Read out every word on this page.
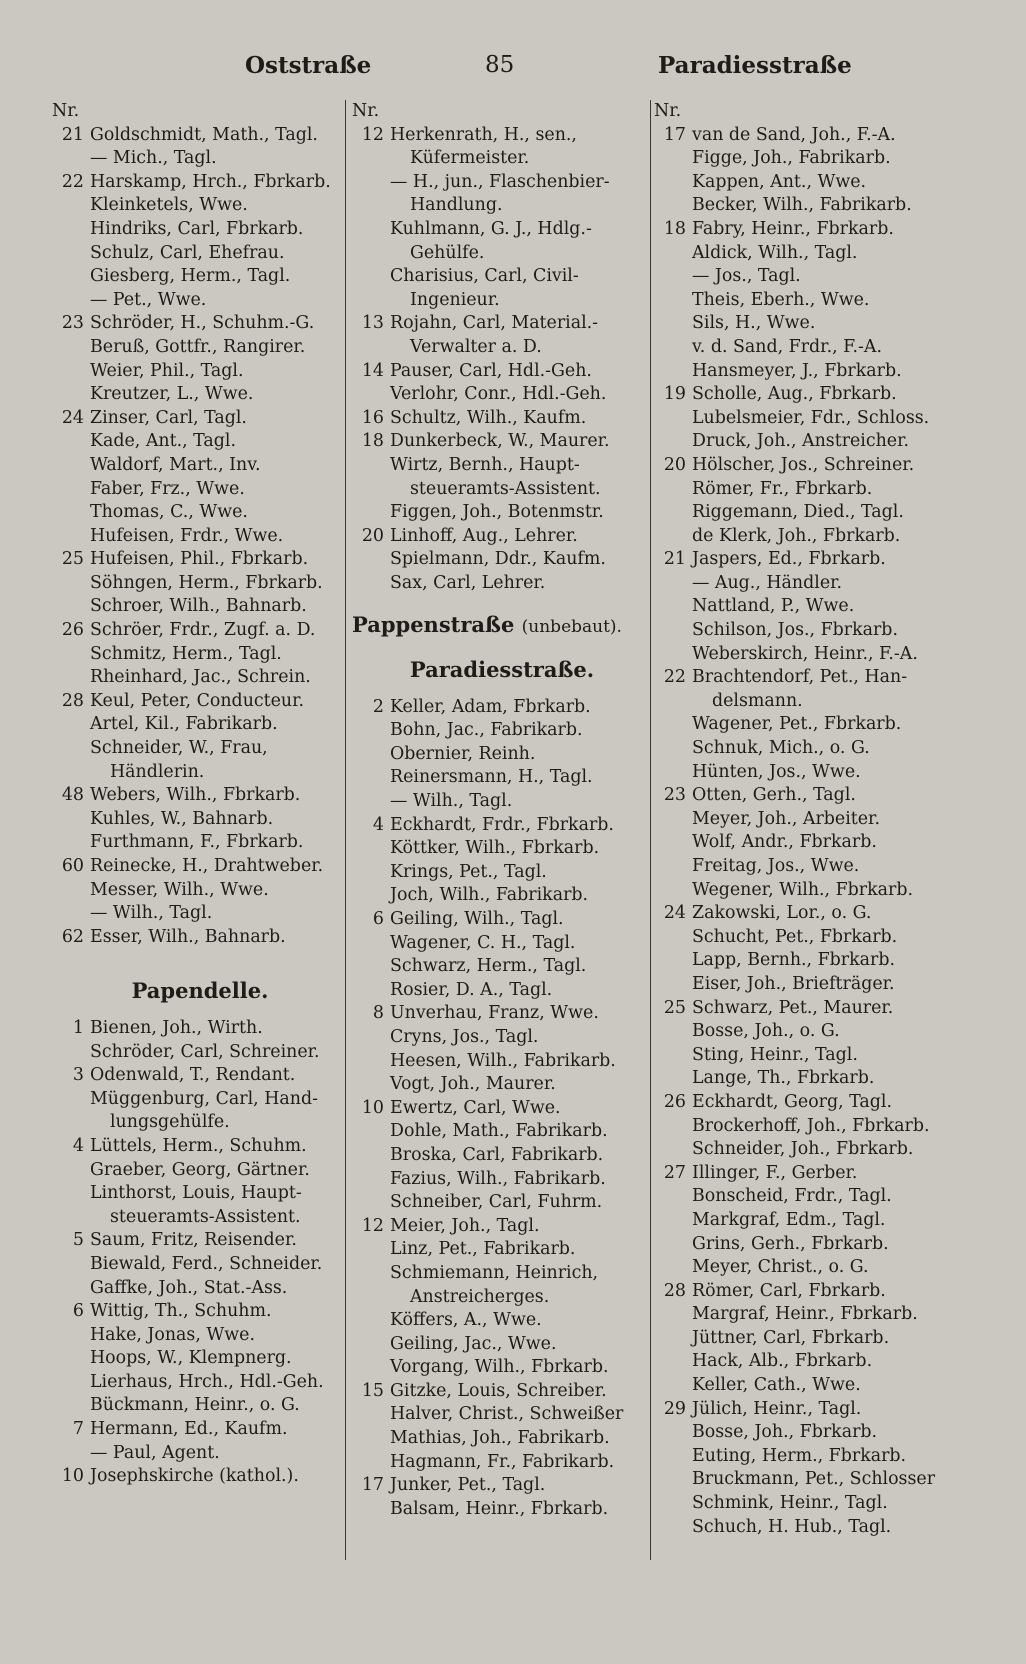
Oststraße	85	Paradiesstraße
Nr.
21 Goldschmidt, Math., Tagl.
— Mich., Tagl.
22 Harskamp, Hrch., Fbrkarb.
Kleinketels, Wwe.
Hindriks, Carl, Fbrkarb.
Schulz, Carl, Ehefrau.
Giesberg, Herm., Tagl.
— Pet., Wwe.
23 Schröder, H., Schuhm.-G.
Beruß, Gottfr., Rangirer.
Weier, Phil., Tagl.
Kreutzer, L., Wwe.
24 Zinser, Carl, Tagl.
Kade, Ant., Tagl.
Waldorf, Mart., Inv.
Faber, Frz., Wwe.
Thomas, C., Wwe.
Hufeisen, Frdr., Wwe.
25 Hufeisen, Phil., Fbrkarb.
Söhngen, Herm., Fbrkarb.
Schroer, Wilh., Bahnarb.
26 Schröer, Frdr., Zugf. a. D.
Schmitz, Herm., Tagl.
Rheinhard, Jac., Schrein.
28 Keul, Peter, Conducteur.
Artel, Kil., Fabrikarb.
Schneider, W., Frau,
Händlerin.
48 Webers, Wilh., Fbrkarb.
Kuhles, W., Bahnarb.
Furthmann, F., Fbrkarb.
60 Reinecke, H., Drahtweber.
Messer, Wilh., Wwe.
— Wilh., Tagl.
62 Esser, Wilh., Bahnarb.
Papendelle.
1 Bienen, Joh., Wirth.
Schröder, Carl, Schreiner.
3 Odenwald, T., Rendant.
Müggenburg, Carl, Hand-
lungsgehülfe.
4 Lüttels, Herm., Schuhm.
Graeber, Georg, Gärtner.
Linthorst, Louis, Haupt-
steueramts-Assistent.
5 Saum, Fritz, Reisender.
Biewald, Ferd., Schneider.
Gaffke, Joh., Stat.-Ass.
6 Wittig, Th., Schuhm.
Hake, Jonas, Wwe.
Hoops, W., Klempnerg.
Lierhaus, Hrch., Hdl.-Geh.
Bückmann, Heinr., o. G.
7 Hermann, Ed., Kaufm.
— Paul, Agent.
10 Josephskirche (kathol.).
Nr.
12 Herkenrath, H., sen.,
Küfermeister.
— H., jun., Flaschenbier-
Handlung.
Kuhlmann, G. J., Hdlg.-
Gehülfe.
Charisius, Carl, Civil-
Ingenieur.
13 Rojahn, Carl, Material.-
Verwalter a. D.
14 Pauser, Carl, Hdl.-Geh.
Verlohr, Conr., Hdl.-Geh.
16 Schultz, Wilh., Kaufm.
18 Dunkerbeck, W., Maurer.
Wirtz, Bernh., Haupt-
steueramts-Assistent.
Figgen, Joh., Botenmstr.
20 Linhoff, Aug., Lehrer.
Spielmann, Ddr., Kaufm.
Sax, Carl, Lehrer.
Pappenstraße (unbebaut).
Paradiesstraße.
2 Keller, Adam, Fbrkarb.
Bohn, Jac., Fabrikarb.
Obernier, Reinh.
Reinersmann, H., Tagl.
— Wilh., Tagl.
4 Eckhardt, Frdr., Fbrkarb.
Köttker, Wilh., Fbrkarb.
Krings, Pet., Tagl.
Joch, Wilh., Fabrikarb.
6 Geiling, Wilh., Tagl.
Wagener, C. H., Tagl.
Schwarz, Herm., Tagl.
Rosier, D. A., Tagl.
8 Unverhau, Franz, Wwe.
Cryns, Jos., Tagl.
Heesen, Wilh., Fabrikarb.
Vogt, Joh., Maurer.
10 Ewertz, Carl, Wwe.
Dohle, Math., Fabrikarb.
Broska, Carl, Fabrikarb.
Fazius, Wilh., Fabrikarb.
Schneiber, Carl, Fuhrm.
12 Meier, Joh., Tagl.
Linz, Pet., Fabrikarb.
Schmiemann, Heinrich,
Anstreicherges.
Köffers, A., Wwe.
Geiling, Jac., Wwe.
Vorgang, Wilh., Fbrkarb.
15 Gitzke, Louis, Schreiber.
Halver, Christ., Schweißer
Mathias, Joh., Fabrikarb.
Hagmann, Fr., Fabrikarb.
17 Junker, Pet., Tagl.
Balsam, Heinr., Fbrkarb.
Nr.
17 van de Sand, Joh., F.-A.
Figge, Joh., Fabrikarb.
Kappen, Ant., Wwe.
Becker, Wilh., Fabrikarb.
18 Fabry, Heinr., Fbrkarb.
Aldick, Wilh., Tagl.
— Jos., Tagl.
Theis, Eberh., Wwe.
Sils, H., Wwe.
v. d. Sand, Frdr., F.-A.
Hansmeyer, J., Fbrkarb.
19 Scholle, Aug., Fbrkarb.
Lubelsmeier, Fdr., Schloss.
Druck, Joh., Anstreicher.
20 Hölscher, Jos., Schreiner.
Römer, Fr., Fbrkarb.
Riggemann, Died., Tagl.
de Klerk, Joh., Fbrkarb.
21 Jaspers, Ed., Fbrkarb.
— Aug., Händler.
Nattland, P., Wwe.
Schilson, Jos., Fbrkarb.
Weberskirch, Heinr., F.-A.
22 Brachtendorf, Pet., Han-
delsmann.
Wagener, Pet., Fbrkarb.
Schnuk, Mich., o. G.
Hünten, Jos., Wwe.
23 Otten, Gerh., Tagl.
Meyer, Joh., Arbeiter.
Wolf, Andr., Fbrkarb.
Freitag, Jos., Wwe.
Wegener, Wilh., Fbrkarb.
24 Zakowski, Lor., o. G.
Schucht, Pet., Fbrkarb.
Lapp, Bernh., Fbrkarb.
Eiser, Joh., Briefträger.
25 Schwarz, Pet., Maurer.
Bosse, Joh., o. G.
Sting, Heinr., Tagl.
Lange, Th., Fbrkarb.
26 Eckhardt, Georg, Tagl.
Brockerhoff, Joh., Fbrkarb.
Schneider, Joh., Fbrkarb.
27 Illinger, F., Gerber.
Bonscheid, Frdr., Tagl.
Markgraf, Edm., Tagl.
Grins, Gerh., Fbrkarb.
Meyer, Christ., o. G.
28 Römer, Carl, Fbrkarb.
Margraf, Heinr., Fbrkarb.
Jüttner, Carl, Fbrkarb.
Hack, Alb., Fbrkarb.
Keller, Cath., Wwe.
29 Jülich, Heinr., Tagl.
Bosse, Joh., Fbrkarb.
Euting, Herm., Fbrkarb.
Bruckmann, Pet., Schlosser
Schmink, Heinr., Tagl.
Schuch, H. Hub., Tagl.
